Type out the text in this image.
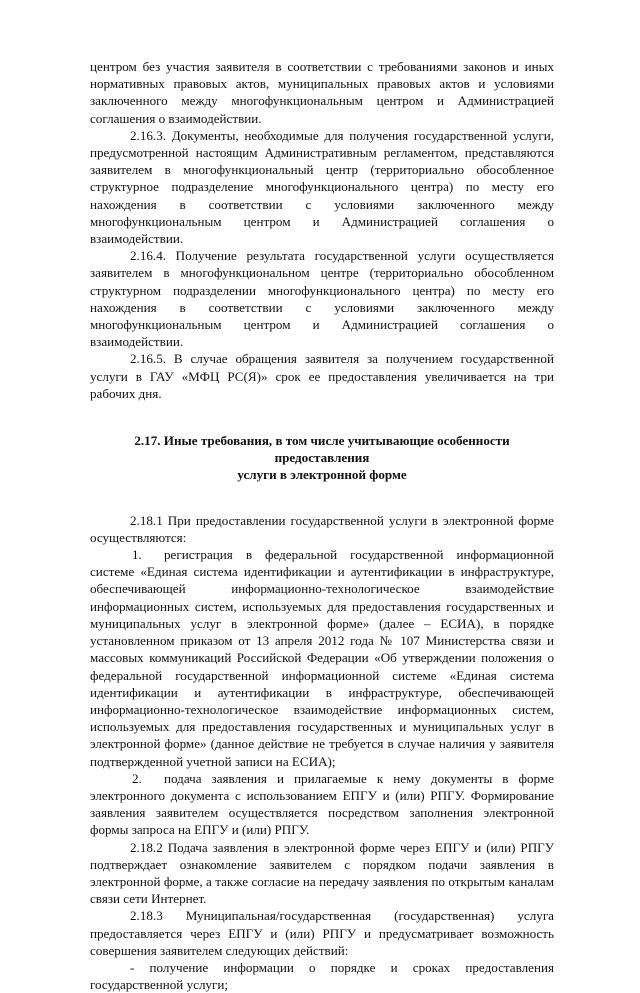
центром без участия заявителя в соответствии с требованиями законов и иных нормативных правовых актов, муниципальных правовых актов и условиями заключенного между многофункциональным центром и Администрацией соглашения о взаимодействии.

2.16.3. Документы, необходимые для получения государственной услуги, предусмотренной настоящим Административным регламентом, представляются заявителем в многофункциональный центр (территориально обособленное структурное подразделение многофункционального центра) по месту его нахождения в соответствии с условиями заключенного между многофункциональным центром и Администрацией соглашения о взаимодействии.

2.16.4. Получение результата государственной услуги осуществляется заявителем в многофункциональном центре (территориально обособленном структурном подразделении многофункционального центра) по месту его нахождения в соответствии с условиями заключенного между многофункциональным центром и Администрацией соглашения о взаимодействии.

2.16.5. В случае обращения заявителя за получением государственной услуги в ГАУ «МФЦ РС(Я)» срок ее предоставления увеличивается на три рабочих дня.

2.17. Иные требования, в том числе учитывающие особенности предоставления
услуги в электронной форме

2.18.1 При предоставлении государственной услуги в электронной форме осуществляются:

1. регистрация в федеральной государственной информационной системе «Единая система идентификации и аутентификации в инфраструктуре, обеспечивающей информационно-технологическое взаимодействие информационных систем, используемых для предоставления государственных и муниципальных услуг в электронной форме» (далее – ЕСИА), в порядке установленном приказом от 13 апреля 2012 года № 107 Министерства связи и массовых коммуникаций Российской Федерации «Об утверждении положения о федеральной государственной информационной системе «Единая система идентификации и аутентификации в инфраструктуре, обеспечивающей информационно-технологическое взаимодействие информационных систем, используемых для предоставления государственных и муниципальных услуг в электронной форме» (данное действие не требуется в случае наличия у заявителя подтвержденной учетной записи на ЕСИА);

2. подача заявления и прилагаемые к нему документы в форме электронного документа с использованием ЕПГУ и (или) РПГУ. Формирование заявления заявителем осуществляется посредством заполнения электронной формы запроса на ЕПГУ и (или) РПГУ.

2.18.2 Подача заявления в электронной форме через ЕПГУ и (или) РПГУ подтверждает ознакомление заявителем с порядком подачи заявления в электронной форме, а также согласие на передачу заявления по открытым каналам связи сети Интернет.

2.18.3 Муниципальная/государственная (государственная) услуга предоставляется через ЕПГУ и (или) РПГУ и предусматривает возможность совершения заявителем следующих действий:

- получение информации о порядке и сроках предоставления государственной услуги;
